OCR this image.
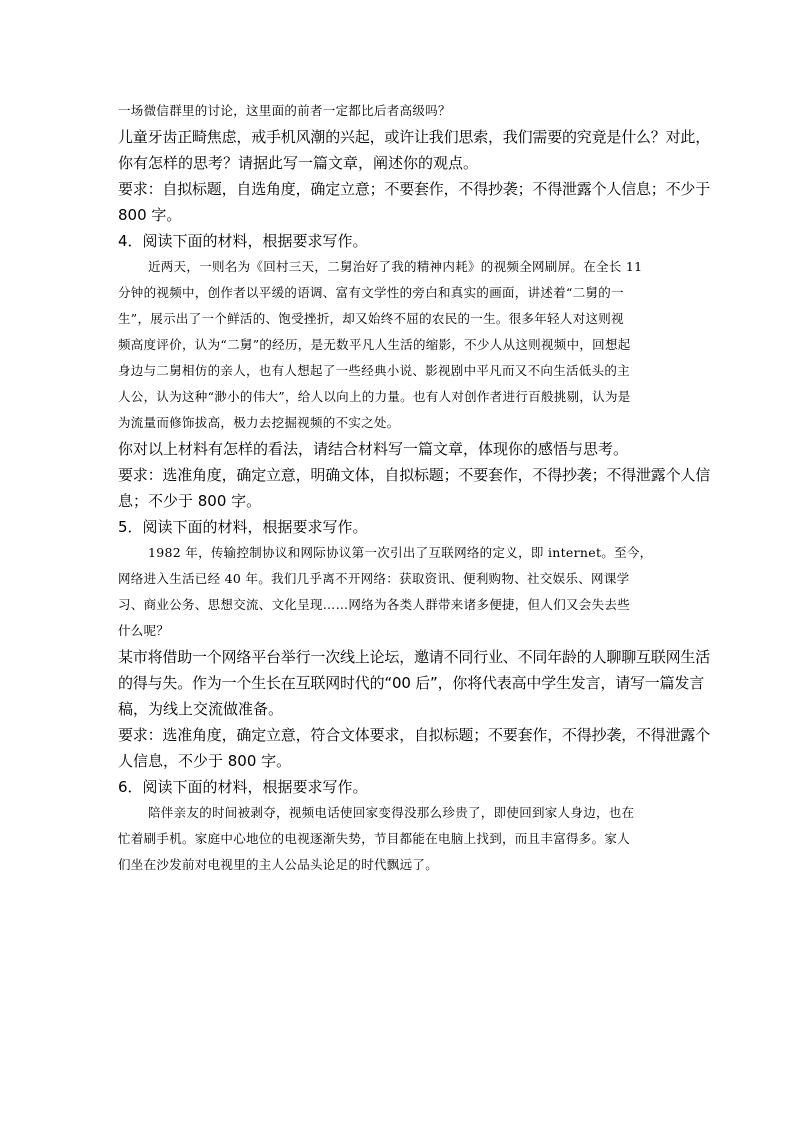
一场微信群里的讨论，这里面的前者一定都比后者高级吗？
儿童牙齿正畸焦虑，戒手机风潮的兴起，或许让我们思索，我们需要的究竟是什么？对此，
你有怎样的思考？请据此写一篇文章，阐述你的观点。
要求：自拟标题，自选角度，确定立意；不要套作，不得抄袭；不得泄露个人信息；不少于
800 字。
4．阅读下面的材料，根据要求写作。
近两天，一则名为《回村三天，二舅治好了我的精神内耗》的视频全网刷屏。在全长 11
分钟的视频中，创作者以平缓的语调、富有文学性的旁白和真实的画面，讲述着“二舅的一
生”，展示出了一个鲜活的、饱受挫折，却又始终不屈的农民的一生。很多年轻人对这则视
频高度评价，认为“二舅”的经历，是无数平凡人生活的缩影，不少人从这则视频中，回想起
身边与二舅相仿的亲人，也有人想起了一些经典小说、影视剧中平凡而又不向生活低头的主
人公，认为这种“渺小的伟大”，给人以向上的力量。也有人对创作者进行百般挑剔，认为是
为流量而修饰拔高，极力去挖掘视频的不实之处。
你对以上材料有怎样的看法，请结合材料写一篇文章，体现你的感悟与思考。
要求：选准角度，确定立意，明确文体，自拟标题；不要套作，不得抄袭；不得泄露个人信
息；不少于 800 字。
5．阅读下面的材料，根据要求写作。
1982 年，传输控制协议和网际协议第一次引出了互联网络的定义，即 internet。至今，
网络进入生活已经 40 年。我们几乎离不开网络：获取资讯、便利购物、社交娱乐、网课学
习、商业公务、思想交流、文化呈现……网络为各类人群带来诸多便捷，但人们又会失去些
什么呢？
某市将借助一个网络平台举行一次线上论坛，邀请不同行业、不同年龄的人聊聊互联网生活
的得与失。作为一个生长在互联网时代的“00 后”，你将代表高中学生发言，请写一篇发言
稿，为线上交流做准备。
要求：选准角度，确定立意，符合文体要求，自拟标题；不要套作，不得抄袭，不得泄露个
人信息，不少于 800 字。
6．阅读下面的材料，根据要求写作。
陪伴亲友的时间被剥夺，视频电话使回家变得没那么珍贵了，即使回到家人身边，也在
忙着刷手机。家庭中心地位的电视逐渐失势，节目都能在电脑上找到，而且丰富得多。家人
们坐在沙发前对电视里的主人公品头论足的时代飘远了。
